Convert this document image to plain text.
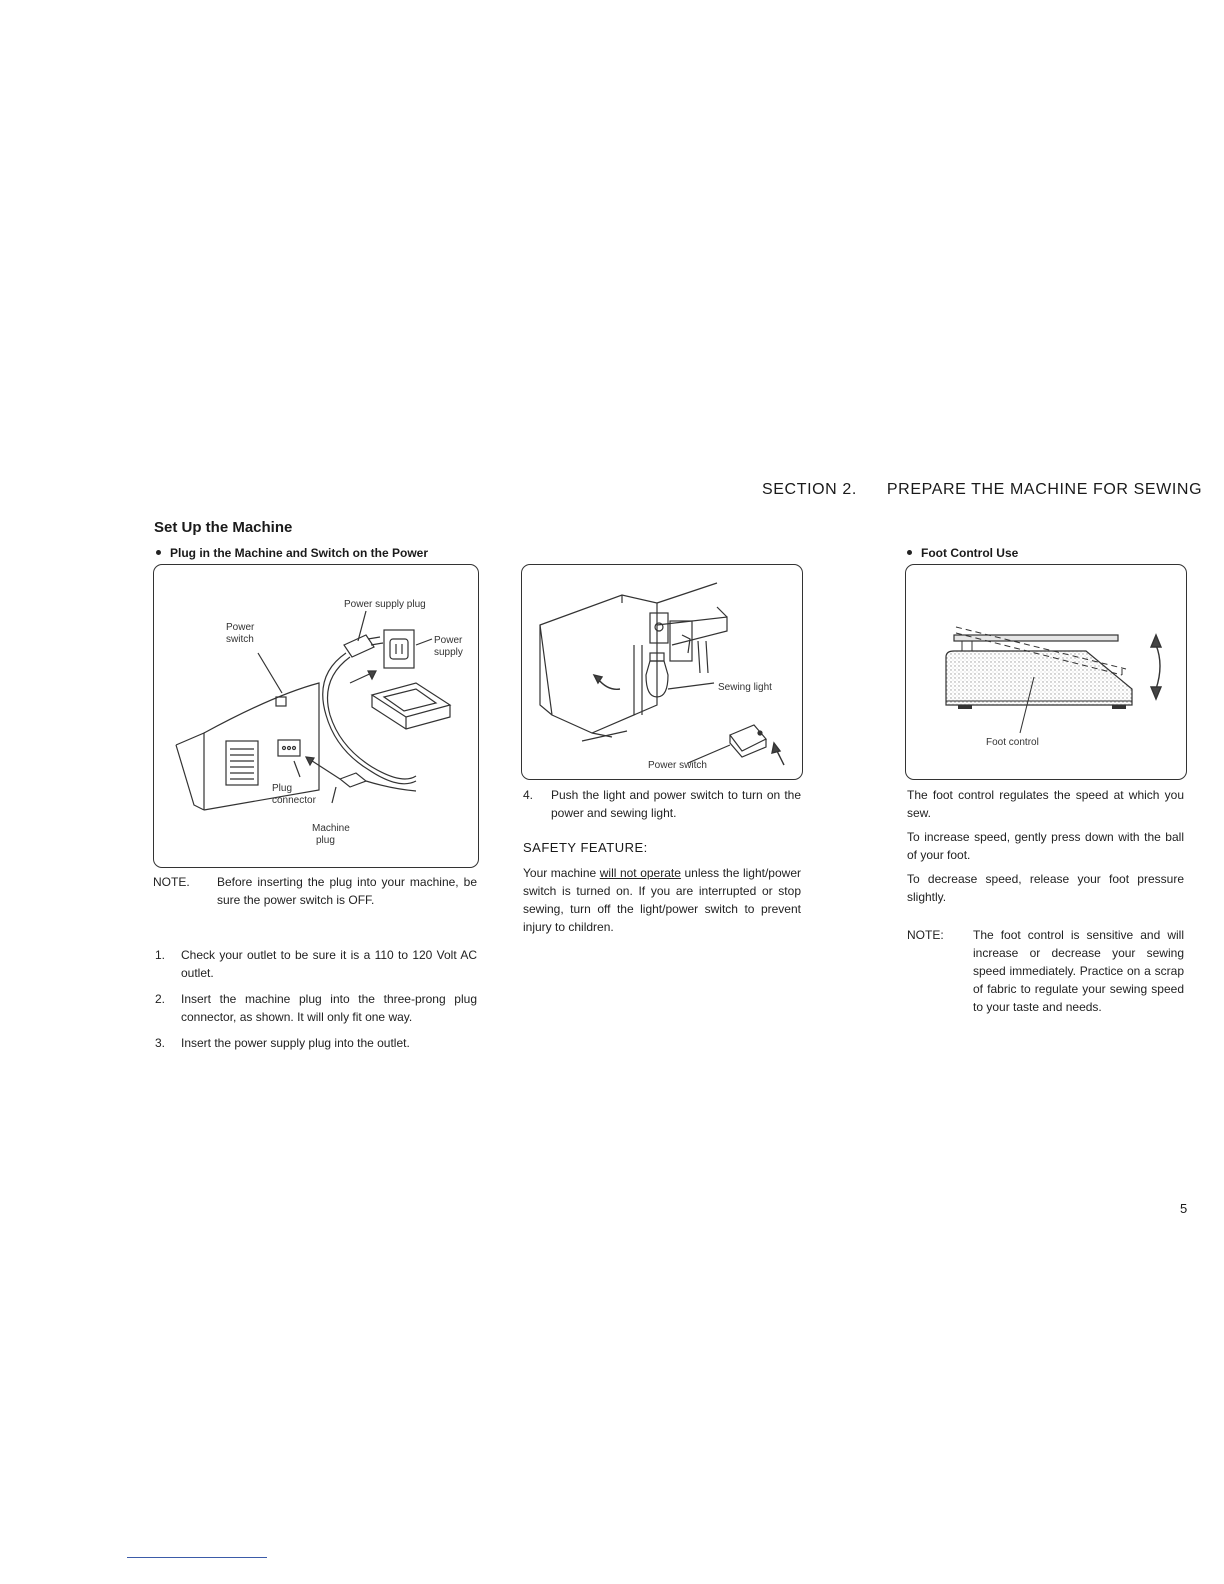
SECTION 2. PREPARE THE MACHINE FOR SEWING
Set Up the Machine
Plug in the Machine and Switch on the Power
Power supply plug
Power
switch	Power
supply
Plug
connector
Machine
plug
NOTE.	Before inserting the plug into your machine, be sure the power switch is OFF.
1.	Check your outlet to be sure it is a 110 to 120 Volt AC outlet.
2.	Insert the machine plug into the three-prong plug connector, as shown. It will only fit one way.
3.	Insert the power supply plug into the outlet.
Sewing light
Power switch
4.	Push the light and power switch to turn on the power and sewing light.
SAFETY FEATURE:
Your machine will not operate unless the light/power switch is turned on. If you are interrupted or stop sewing, turn off the light/power switch to prevent injury to children.
Foot Control Use
Foot control
The foot control regulates the speed at which you sew.
To increase speed, gently press down with the ball of your foot.
To decrease speed, release your foot pressure slightly.
NOTE:	The foot control is sensitive and will increase or decrease your sewing speed immediately. Practice on a scrap of fabric to regulate your sewing speed to your taste and needs.
5
